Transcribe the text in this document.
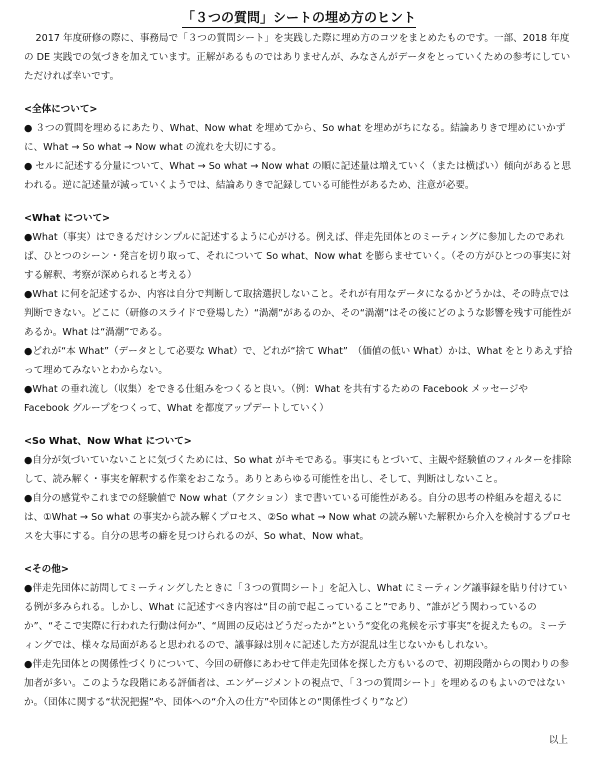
「３つの質問」シートの埋め方のヒント

2017 年度研修の際に、事務局で「３つの質問シート」を実践した際に埋め方のコツをまとめたものです。一部、2018 年度の DE 実践での気づきを加えています。正解があるものではありませんが、みなさんがデータをとっていくための参考にしていただければ幸いです。

<全体について>

● ３つの質問を埋めるにあたり、What、Now what を埋めてから、So what を埋めがちになる。結論ありきで埋めにいかずに、What → So what → Now what の流れを大切にする。

● セルに記述する分量について、What → So what → Now what の順に記述量は増えていく（または横ばい）傾向があると思われる。逆に記述量が減っていくようでは、結論ありきで記録している可能性があるため、注意が必要。

<What について>

●What（事実）はできるだけシンプルに記述するように心がける。例えば、伴走先団体とのミーティングに参加したのであれば、ひとつのシーン・発言を切り取って、それについて So what、Now what を膨らませていく。（その方がひとつの事実に対する解釈、考察が深められると考える）

●What に何を記述するか、内容は自分で判断して取捨選択しないこと。それが有用なデータになるかどうかは、その時点では判断できない。どこに（研修のスライドで登場した）“渦潮”があるのか、その“渦潮”はその後にどのような影響を残す可能性があるか。What は“渦潮”である。

●どれが“本 What”（データとして必要な What）で、どれが“捨て What”　（価値の低い What）かは、What をとりあえず拾って埋めてみないとわからない。

●What の垂れ流し（収集）をできる仕組みをつくると良い。（例：What を共有するための Facebook メッセージや Facebook グループをつくって、What を都度アップデートしていく）

<So What、Now What について>

●自分が気づいていないことに気づくためには、So what がキモである。事実にもとづいて、主観や経験値のフィルターを排除して、読み解く・事実を解釈する作業をおこなう。ありとあらゆる可能性を出し、そして、判断はしないこと。

●自分の感覚やこれまでの経験値で Now what（アクション）まで書いている可能性がある。自分の思考の枠組みを超えるには、①What → So what の事実から読み解くプロセス、②So what → Now what の読み解いた解釈から介入を検討するプロセスを大事にする。自分の思考の癖を見つけられるのが、So what、Now what。

<その他>

●伴走先団体に訪問してミーティングしたときに「３つの質問シート」を記入し、What にミーティング議事録を貼り付けている例が多みられる。しかし、What に記述すべき内容は“目の前で起こっていること”であり、“誰がどう関わっているのか”、“そこで実際に行われた行動は何か”、“周囲の反応はどうだったか”という“変化の兆候を示す事実”を捉えたもの。ミーティングでは、様々な局面があると思われるので、議事録は別々に記述した方が混乱は生じないかもしれない。

●伴走先団体との関係性づくりについて、今回の研修にあわせて伴走先団体を探した方もいるので、初期段階からの関わりの参加者が多い。このような段階にある評価者は、エンゲージメントの視点で、「３つの質問シート」を埋めるのもよいのではないか。（団体に関する“状況把握”や、団体への“介入の仕方”や団体との“関係性づくり”など）

以上
